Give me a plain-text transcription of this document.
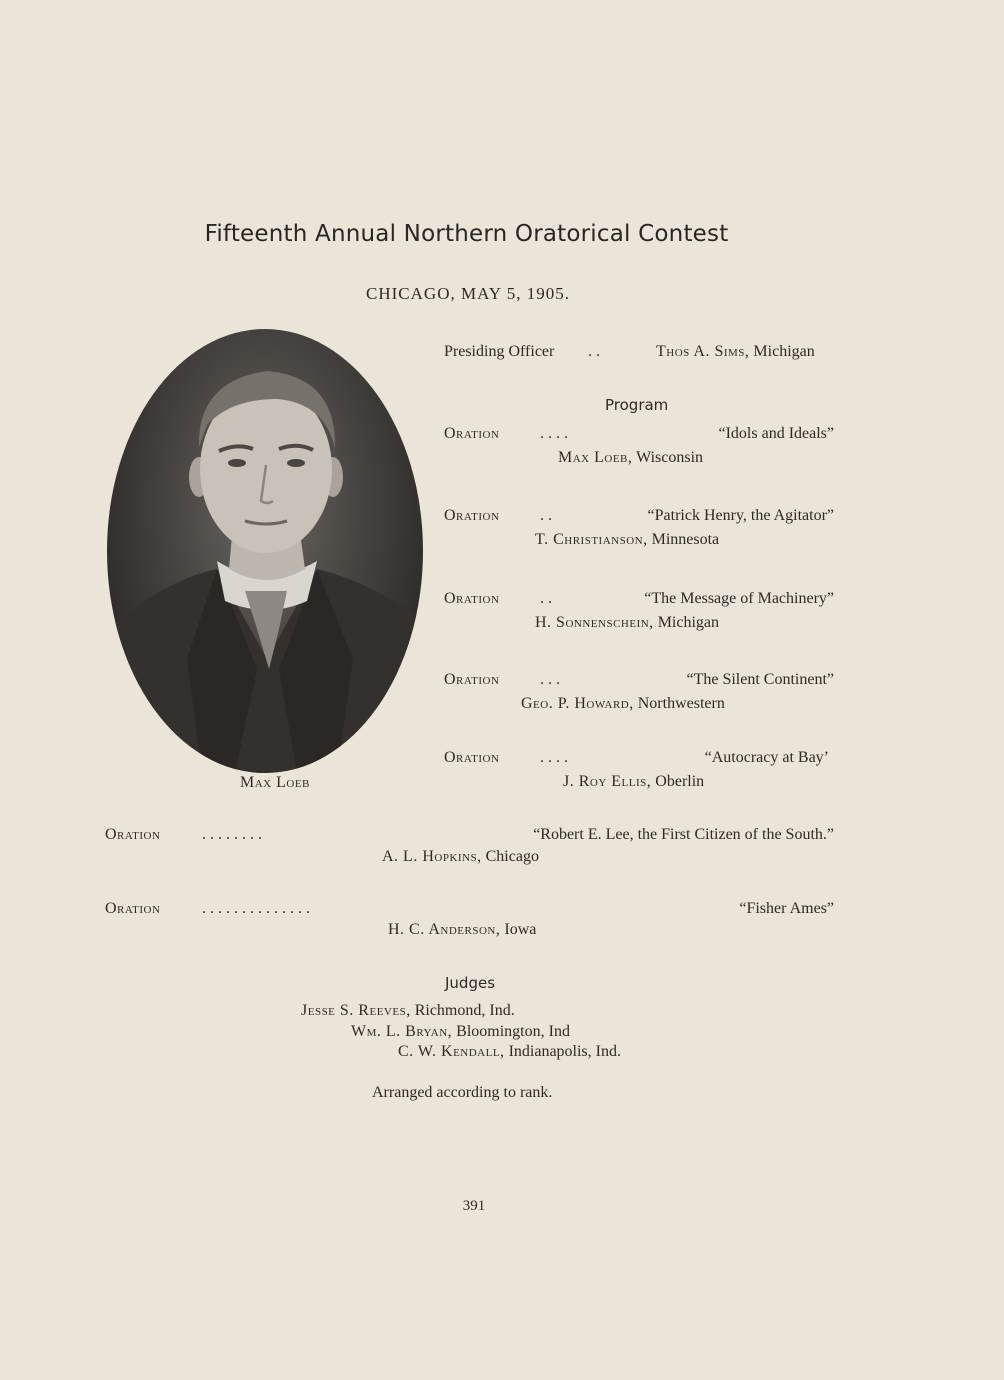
Fifteenth Annual Northern Oratorical Contest
CHICAGO, MAY 5, 1905.
Max Loeb
Presiding Officer . .	Thos A. Sims, Michigan
Program
Oration	. . . .	“Idols and Ideals”
Max Loeb, Wisconsin
Oration	. .	“Patrick Henry, the Agitator”
T. Christianson, Minnesota
Oration	. .	“The Message of Machinery”
H. Sonnenschein, Michigan
Oration	. . .	“The Silent Continent”
Geo. P. Howard, Northwestern
Oration	. . . .	“Autocracy at Bay’
J. Roy Ellis, Oberlin
Oration	. . . . . . . .	“Robert E. Lee, the First Citizen of the South.”
A. L. Hopkins, Chicago
Oration	. . . . . . . . . . . . . .	“Fisher Ames”
H. C. Anderson, Iowa
Judges
Jesse S. Reeves, Richmond, Ind.
Wm. L. Bryan, Bloomington, Ind
C. W. Kendall, Indianapolis, Ind.
Arranged according to rank.
391
